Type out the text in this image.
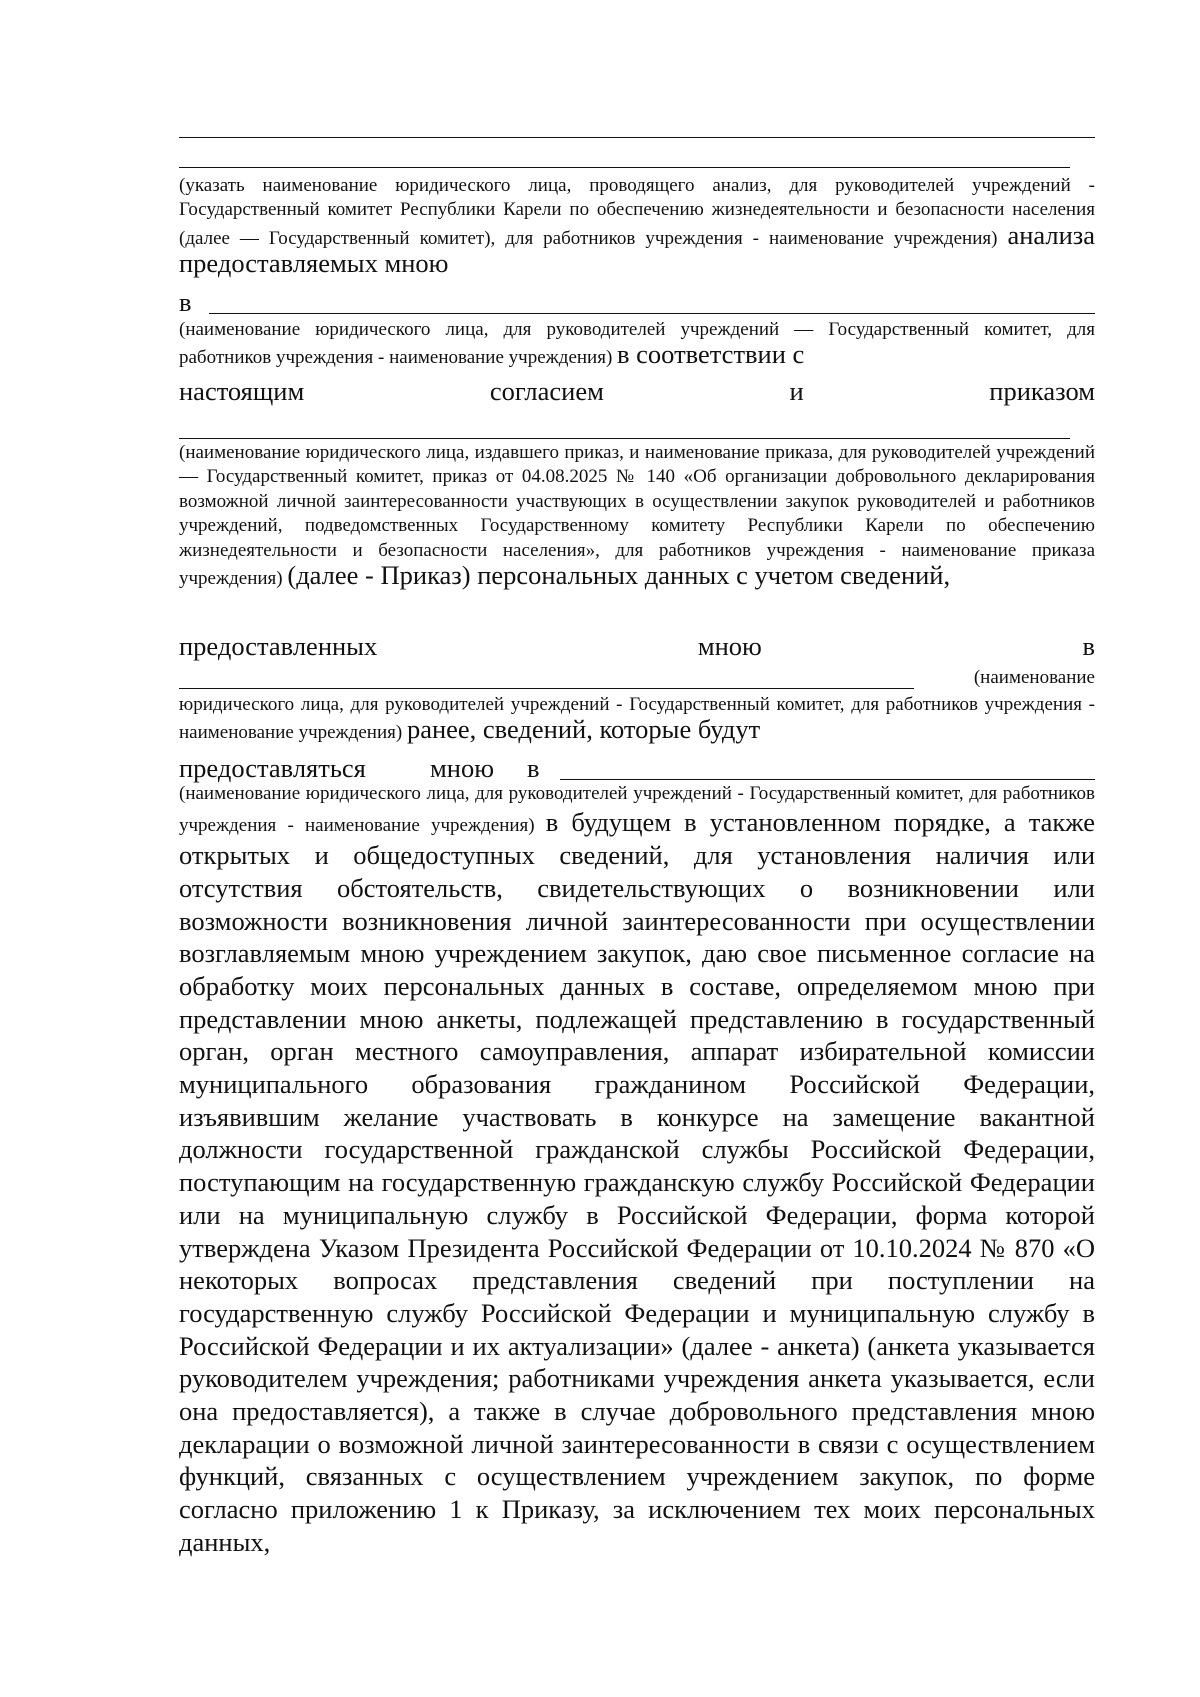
(указать наименование юридического лица, проводящего анализ, для руководителей учреждений - Государственный комитет Республики Карели по обеспечению жизнедеятельности и безопасности населения (далее — Государственный комитет), для работников учреждения - наименование учреждения) анализа предоставляемых мною

в

(наименование юридического лица, для руководителей учреждений — Государственный комитет, для работников учреждения - наименование учреждения) в соответствии с

настоящим	согласием	и	приказом

(наименование юридического лица, издавшего приказ, и наименование приказа, для руководителей учреждений — Государственный комитет, приказ от 04.08.2025 № 140 «Об организации добровольного декларирования возможной личной заинтересованности участвующих в осуществлении закупок руководителей и работников учреждений, подведомственных Государственному комитету Республики Карели по обеспечению жизнедеятельности и безопасности населения», для работников учреждения - наименование приказа учреждения) (далее - Приказ) персональных данных с учетом сведений,

предоставленных	мною	в
(наименование

юридического лица, для руководителей учреждений - Государственный комитет, для работников учреждения - наименование учреждения) ранее, сведений, которые будут

предоставляться мною в

(наименование юридического лица, для руководителей учреждений - Государственный комитет, для работников учреждения - наименование учреждения) в будущем в установленном порядке, а также открытых и общедоступных сведений, для установления наличия или отсутствия обстоятельств, свидетельствующих о возникновении или возможности возникновения личной заинтересованности при осуществлении возглавляемым мною учреждением закупок, даю свое письменное согласие на обработку моих персональных данных в составе, определяемом мною при представлении мною анкеты, подлежащей представлению в государственный орган, орган местного самоуправления, аппарат избирательной комиссии муниципального образования гражданином Российской Федерации, изъявившим желание участвовать в конкурсе на замещение вакантной должности государственной гражданской службы Российской Федерации, поступающим на государственную гражданскую службу Российской Федерации или на муниципальную службу в Российской Федерации, форма которой утверждена Указом Президента Российской Федерации от 10.10.2024 № 870 «О некоторых вопросах представления сведений при поступлении на государственную службу Российской Федерации и муниципальную службу в Российской Федерации и их актуализации» (далее - анкета) (анкета указывается руководителем учреждения; работниками учреждения анкета указывается, если она предоставляется), а также в случае добровольного представления мною декларации о возможной личной заинтересованности в связи с осуществлением функций, связанных с осуществлением учреждением закупок, по форме согласно приложению 1 к Приказу, за исключением тех моих персональных данных,
